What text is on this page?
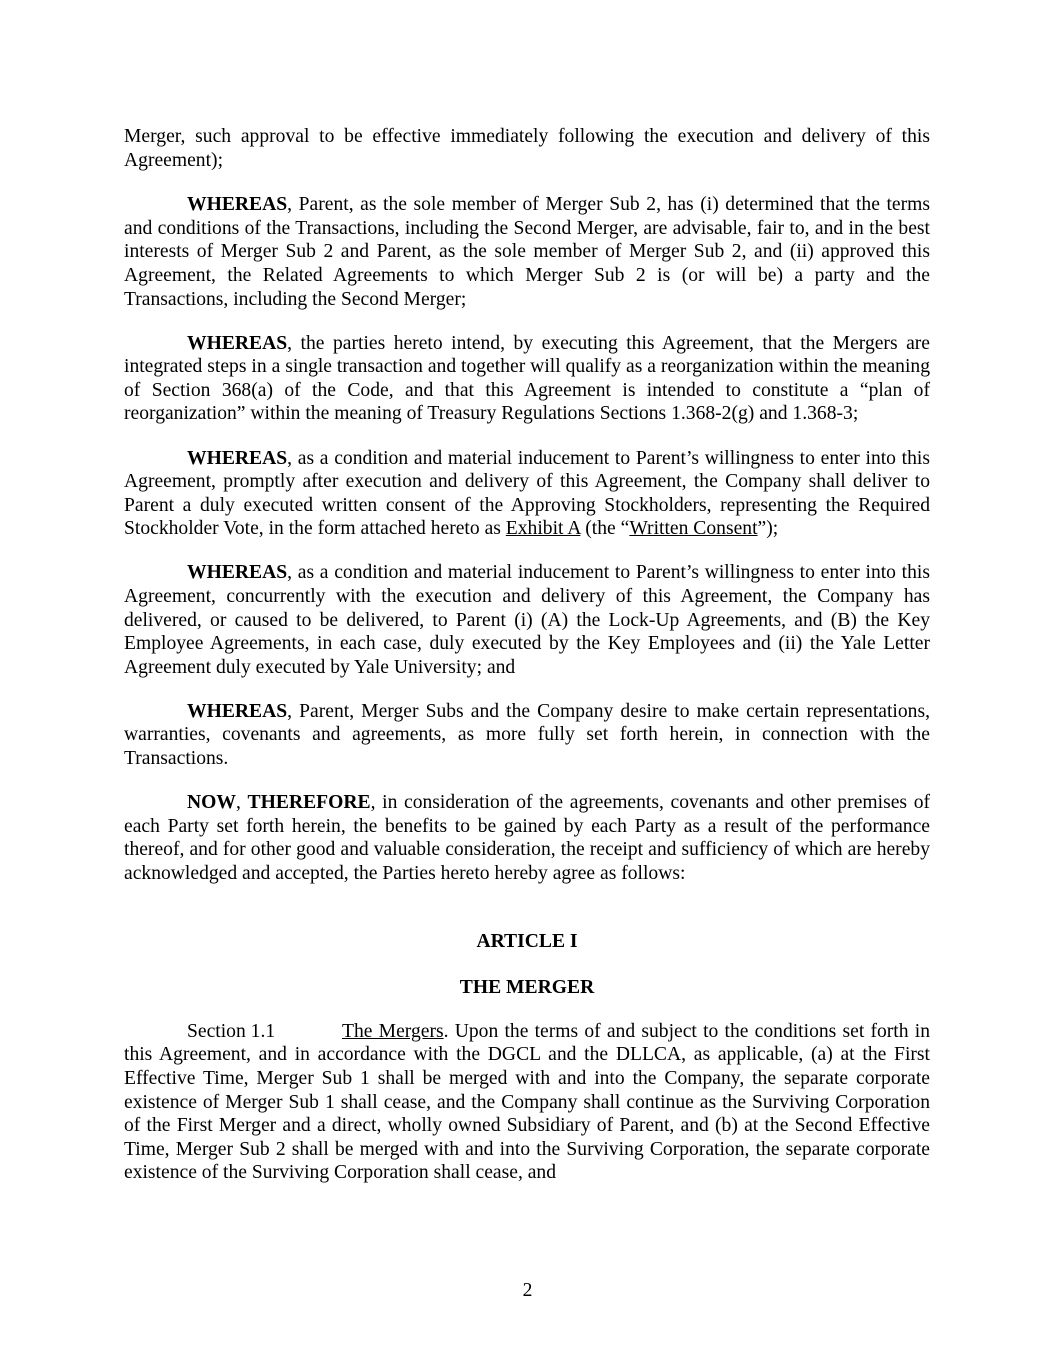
Merger, such approval to be effective immediately following the execution and delivery of this Agreement);

WHEREAS, Parent, as the sole member of Merger Sub 2, has (i) determined that the terms and conditions of the Transactions, including the Second Merger, are advisable, fair to, and in the best interests of Merger Sub 2 and Parent, as the sole member of Merger Sub 2, and (ii) approved this Agreement, the Related Agreements to which Merger Sub 2 is (or will be) a party and the Transactions, including the Second Merger;

WHEREAS, the parties hereto intend, by executing this Agreement, that the Mergers are integrated steps in a single transaction and together will qualify as a reorganization within the meaning of Section 368(a) of the Code, and that this Agreement is intended to constitute a “plan of reorganization” within the meaning of Treasury Regulations Sections 1.368-2(g) and 1.368-3;

WHEREAS, as a condition and material inducement to Parent’s willingness to enter into this Agreement, promptly after execution and delivery of this Agreement, the Company shall deliver to Parent a duly executed written consent of the Approving Stockholders, representing the Required Stockholder Vote, in the form attached hereto as Exhibit A (the “Written Consent”);

WHEREAS, as a condition and material inducement to Parent’s willingness to enter into this Agreement, concurrently with the execution and delivery of this Agreement, the Company has delivered, or caused to be delivered, to Parent (i) (A) the Lock-Up Agreements, and (B) the Key Employee Agreements, in each case, duly executed by the Key Employees and (ii) the Yale Letter Agreement duly executed by Yale University; and

WHEREAS, Parent, Merger Subs and the Company desire to make certain representations, warranties, covenants and agreements, as more fully set forth herein, in connection with the Transactions.

NOW, THEREFORE, in consideration of the agreements, covenants and other premises of each Party set forth herein, the benefits to be gained by each Party as a result of the performance thereof, and for other good and valuable consideration, the receipt and sufficiency of which are hereby acknowledged and accepted, the Parties hereto hereby agree as follows:

ARTICLE I

THE MERGER

Section 1.1	The Mergers. Upon the terms of and subject to the conditions set forth in this Agreement, and in accordance with the DGCL and the DLLCA, as applicable, (a) at the First Effective Time, Merger Sub 1 shall be merged with and into the Company, the separate corporate existence of Merger Sub 1 shall cease, and the Company shall continue as the Surviving Corporation of the First Merger and a direct, wholly owned Subsidiary of Parent, and (b) at the Second Effective Time, Merger Sub 2 shall be merged with and into the Surviving Corporation, the separate corporate existence of the Surviving Corporation shall cease, and

2
